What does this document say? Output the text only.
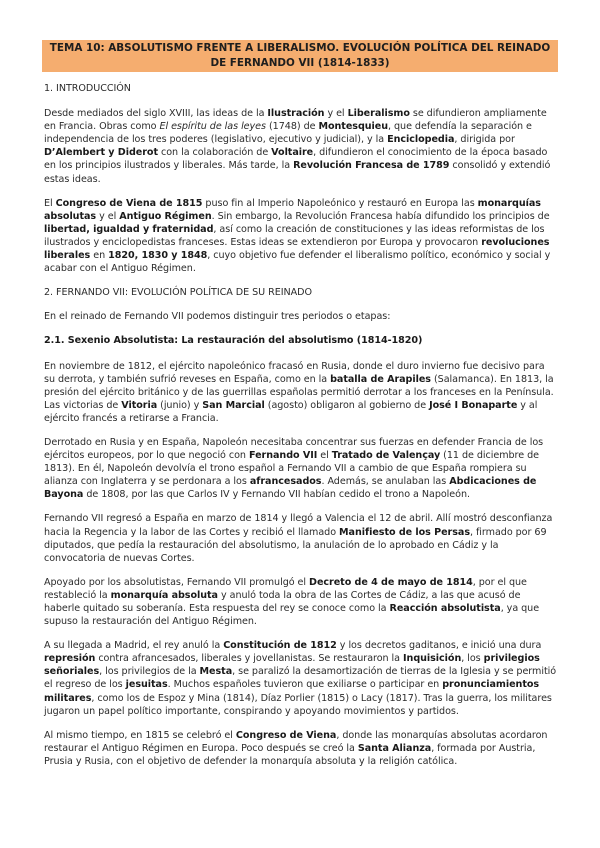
TEMA 10: ABSOLUTISMO FRENTE A LIBERALISMO. EVOLUCIÓN POLÍTICA DEL REINADO
DE FERNANDO VII (1814-1833)

1. INTRODUCCIÓN

Desde mediados del siglo XVIII, las ideas de la Ilustración y el Liberalismo se difundieron ampliamente en Francia. Obras como El espíritu de las leyes (1748) de Montesquieu, que defendía la separación e independencia de los tres poderes (legislativo, ejecutivo y judicial), y la Enciclopedia, dirigida por D’Alembert y Diderot con la colaboración de Voltaire, difundieron el conocimiento de la época basado en los principios ilustrados y liberales. Más tarde, la Revolución Francesa de 1789 consolidó y extendió estas ideas.

El Congreso de Viena de 1815 puso fin al Imperio Napoleónico y restauró en Europa las monarquías absolutas y el Antiguo Régimen. Sin embargo, la Revolución Francesa había difundido los principios de libertad, igualdad y fraternidad, así como la creación de constituciones y las ideas reformistas de los ilustrados y enciclopedistas franceses. Estas ideas se extendieron por Europa y provocaron revoluciones liberales en 1820, 1830 y 1848, cuyo objetivo fue defender el liberalismo político, económico y social y acabar con el Antiguo Régimen.

2. FERNANDO VII: EVOLUCIÓN POLÍTICA DE SU REINADO

En el reinado de Fernando VII podemos distinguir tres periodos o etapas:

2.1. Sexenio Absolutista: La restauración del absolutismo (1814-1820)

En noviembre de 1812, el ejército napoleónico fracasó en Rusia, donde el duro invierno fue decisivo para su derrota, y también sufrió reveses en España, como en la batalla de Arapiles (Salamanca). En 1813, la presión del ejército británico y de las guerrillas españolas permitió derrotar a los franceses en la Península. Las victorias de Vitoria (junio) y San Marcial (agosto) obligaron al gobierno de José I Bonaparte y al ejército francés a retirarse a Francia.

Derrotado en Rusia y en España, Napoleón necesitaba concentrar sus fuerzas en defender Francia de los ejércitos europeos, por lo que negoció con Fernando VII el Tratado de Valençay (11 de diciembre de 1813). En él, Napoleón devolvía el trono español a Fernando VII a cambio de que España rompiera su alianza con Inglaterra y se perdonara a los afrancesados. Además, se anulaban las Abdicaciones de Bayona de 1808, por las que Carlos IV y Fernando VII habían cedido el trono a Napoleón.

Fernando VII regresó a España en marzo de 1814 y llegó a Valencia el 12 de abril. Allí mostró desconfianza hacia la Regencia y la labor de las Cortes y recibió el llamado Manifiesto de los Persas, firmado por 69 diputados, que pedía la restauración del absolutismo, la anulación de lo aprobado en Cádiz y la convocatoria de nuevas Cortes.

Apoyado por los absolutistas, Fernando VII promulgó el Decreto de 4 de mayo de 1814, por el que restableció la monarquía absoluta y anuló toda la obra de las Cortes de Cádiz, a las que acusó de haberle quitado su soberanía. Esta respuesta del rey se conoce como la Reacción absolutista, ya que supuso la restauración del Antiguo Régimen.

A su llegada a Madrid, el rey anuló la Constitución de 1812 y los decretos gaditanos, e inició una dura represión contra afrancesados, liberales y jovellanistas. Se restauraron la Inquisición, los privilegios señoriales, los privilegios de la Mesta, se paralizó la desamortización de tierras de la Iglesia y se permitió el regreso de los jesuitas. Muchos españoles tuvieron que exiliarse o participar en pronunciamientos militares, como los de Espoz y Mina (1814), Díaz Porlier (1815) o Lacy (1817). Tras la guerra, los militares jugaron un papel político importante, conspirando y apoyando movimientos y partidos.

Al mismo tiempo, en 1815 se celebró el Congreso de Viena, donde las monarquías absolutas acordaron restaurar el Antiguo Régimen en Europa. Poco después se creó la Santa Alianza, formada por Austria, Prusia y Rusia, con el objetivo de defender la monarquía absoluta y la religión católica.
